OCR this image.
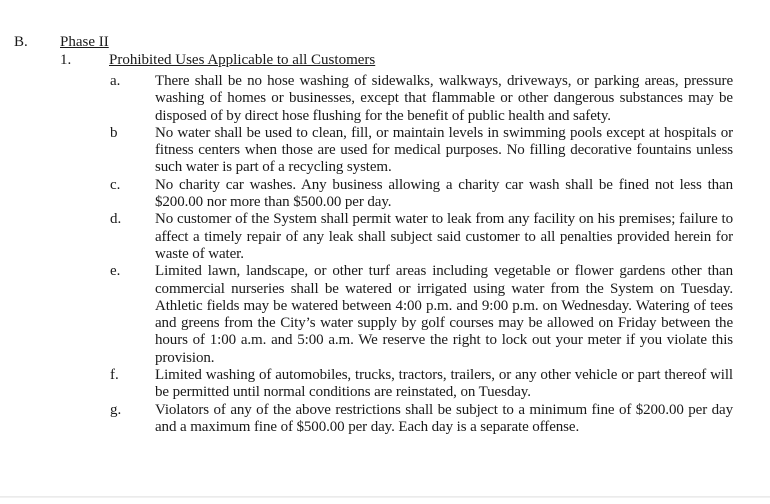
B. Phase II
1.	Prohibited Uses Applicable to all Customers
a.	There shall be no hose washing of sidewalks, walkways, driveways, or parking areas, pressure washing of homes or businesses, except that flammable or other dangerous substances may be disposed of by direct hose flushing for the benefit of public health and safety.
b	No water shall be used to clean, fill, or maintain levels in swimming pools except at hospitals or fitness centers when those are used for medical purposes. No filling decorative fountains unless such water is part of a recycling system.
c.	No charity car washes. Any business allowing a charity car wash shall be fined not less than $200.00 nor more than $500.00 per day.
d.	No customer of the System shall permit water to leak from any facility on his premises; failure to affect a timely repair of any leak shall subject said customer to all penalties provided herein for waste of water.
e.	Limited lawn, landscape, or other turf areas including vegetable or flower gardens other than commercial nurseries shall be watered or irrigated using water from the System on Tuesday. Athletic fields may be watered between 4:00 p.m. and 9:00 p.m. on Wednesday. Watering of tees and greens from the City’s water supply by golf courses may be allowed on Friday between the hours of 1:00 a.m. and 5:00 a.m. We reserve the right to lock out your meter if you violate this provision.
f.	Limited washing of automobiles, trucks, tractors, trailers, or any other vehicle or part thereof will be permitted until normal conditions are reinstated, on Tuesday.
g.	Violators of any of the above restrictions shall be subject to a minimum fine of $200.00 per day and a maximum fine of $500.00 per day. Each day is a separate offense.
